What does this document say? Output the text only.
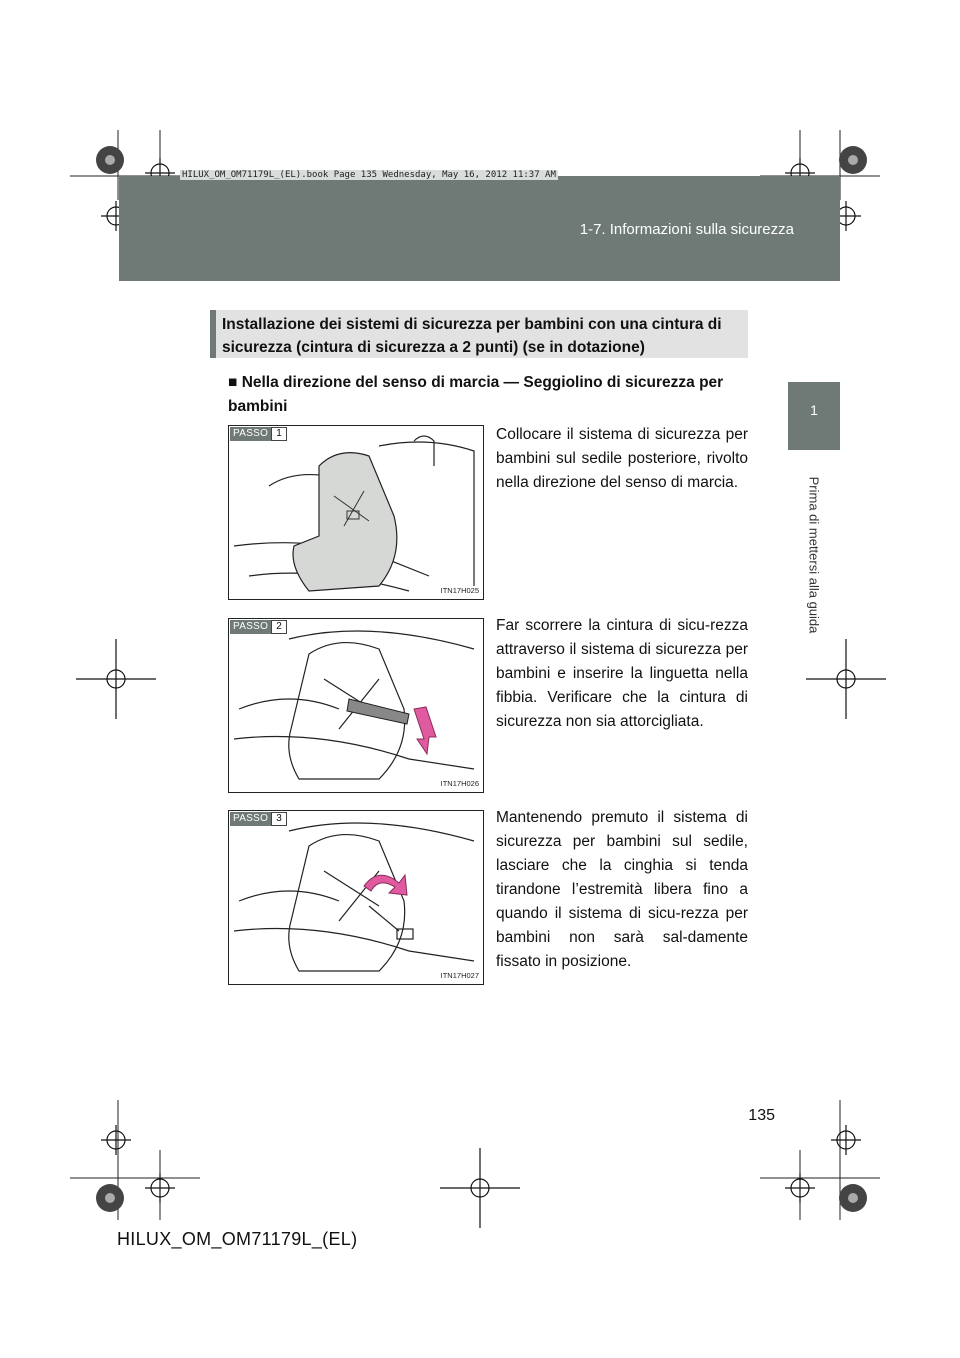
HILUX_OM_OM71179L_(EL).book Page 135 Wednesday, May 16, 2012 11:37 AM
1-7. Informazioni sulla sicurezza
1
Prima di mettersi alla guida
Installazione dei sistemi di sicurezza per bambini con una cintura di sicurezza (cintura di sicurezza a 2 punti) (se in dotazione)
■ Nella direzione del senso di marcia — Seggiolino di sicurezza per bambini
PASSO 1
ITN17H025
Collocare il sistema di sicurezza per bambini sul sedile posteriore, rivolto nella direzione del senso di marcia.
PASSO 2
ITN17H026
Far scorrere la cintura di sicu-rezza attraverso il sistema di sicurezza per bambini e inserire la linguetta nella fibbia. Verificare che la cintura di sicurezza non sia attorcigliata.
PASSO 3
ITN17H027
Mantenendo premuto il sistema di sicurezza per bambini sul sedile, lasciare che la cinghia si tenda tirandone l’estremità libera fino a quando il sistema di sicu-rezza per bambini non sarà sal-damente fissato in posizione.
135
HILUX_OM_OM71179L_(EL)
